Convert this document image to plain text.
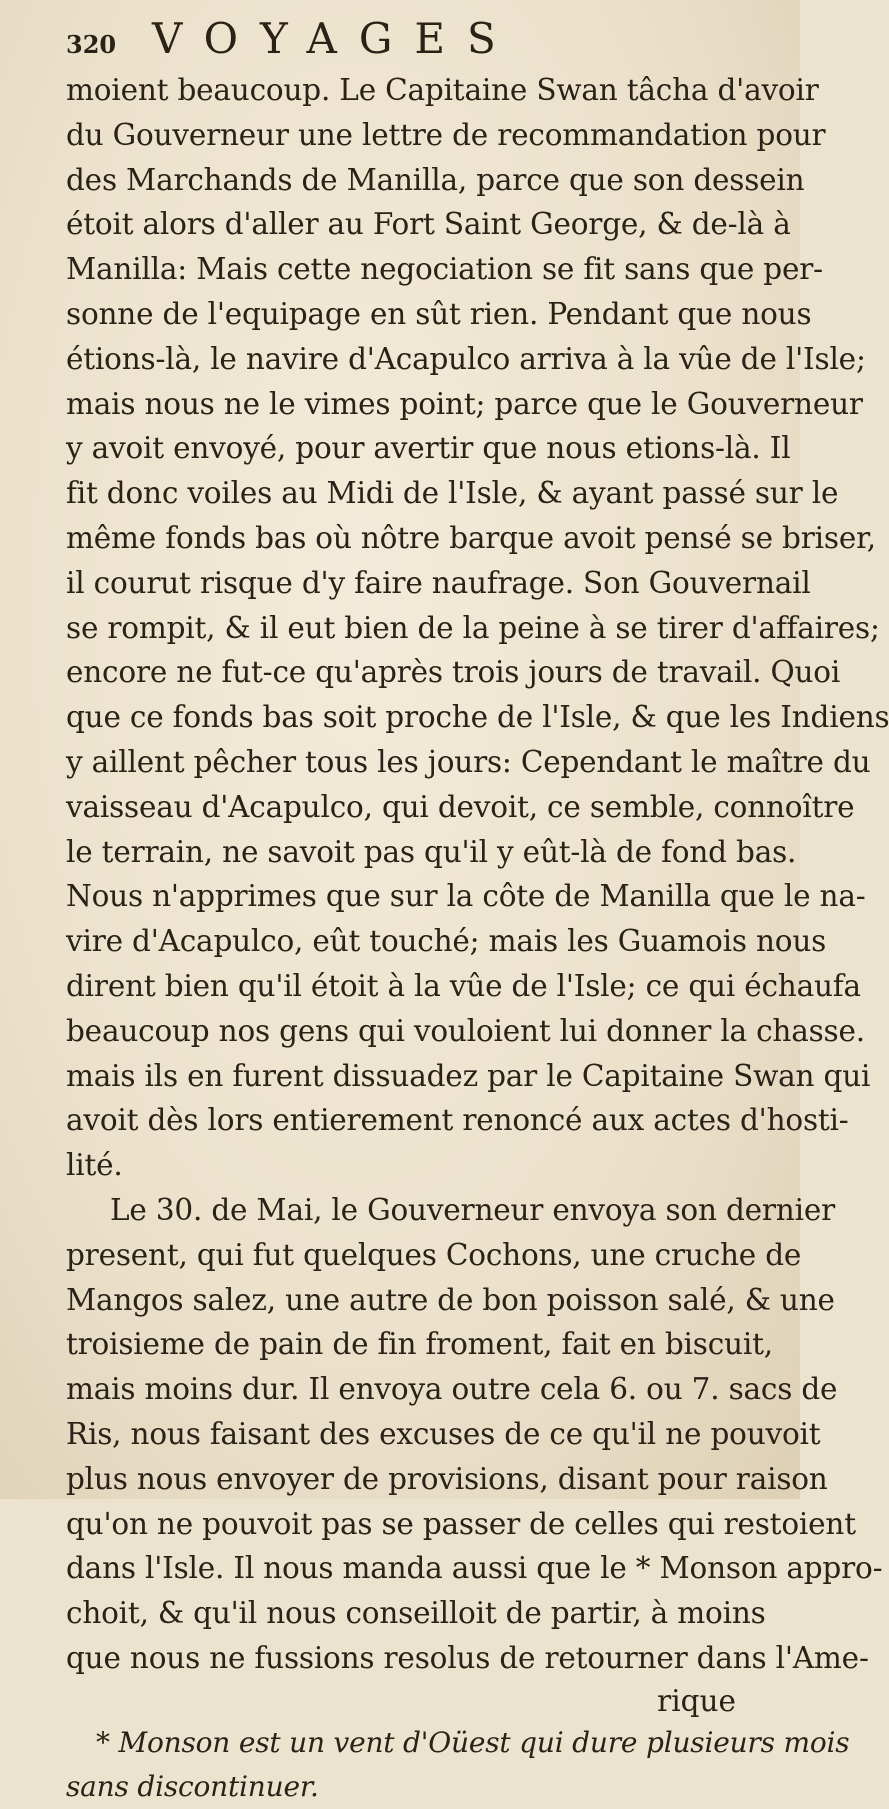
320 VOYAGES
moient beaucoup. Le Capitaine Swan tâcha d'avoir
du Gouverneur une lettre de recommandation pour
des Marchands de Manilla, parce que son dessein
étoit alors d'aller au Fort Saint George, & de-là à
Manilla: Mais cette negociation se fit sans que per-
sonne de l'equipage en sût rien. Pendant que nous
étions-là, le navire d'Acapulco arriva à la vûe de l'Isle;
mais nous ne le vimes point; parce que le Gouverneur
y avoit envoyé, pour avertir que nous etions-là. Il
fit donc voiles au Midi de l'Isle, & ayant passé sur le
même fonds bas où nôtre barque avoit pensé se briser,
il courut risque d'y faire naufrage. Son Gouvernail
se rompit, & il eut bien de la peine à se tirer d'affaires;
encore ne fut-ce qu'après trois jours de travail. Quoi
que ce fonds bas soit proche de l'Isle, & que les Indiens
y aillent pêcher tous les jours: Cependant le maître du
vaisseau d'Acapulco, qui devoit, ce semble, connoître
le terrain, ne savoit pas qu'il y eût-là de fond bas.
Nous n'apprimes que sur la côte de Manilla que le na-
vire d'Acapulco, eût touché; mais les Guamois nous
dirent bien qu'il étoit à la vûe de l'Isle; ce qui échaufa
beaucoup nos gens qui vouloient lui donner la chasse.
mais ils en furent dissuadez par le Capitaine Swan qui
avoit dès lors entierement renoncé aux actes d'hosti-
lité.
Le 30. de Mai, le Gouverneur envoya son dernier
present, qui fut quelques Cochons, une cruche de
Mangos salez, une autre de bon poisson salé, & une
troisieme de pain de fin froment, fait en biscuit,
mais moins dur. Il envoya outre cela 6. ou 7. sacs de
Ris, nous faisant des excuses de ce qu'il ne pouvoit
plus nous envoyer de provisions, disant pour raison
qu'on ne pouvoit pas se passer de celles qui restoient
dans l'Isle. Il nous manda aussi que le * Monson appro-
choit, & qu'il nous conseilloit de partir, à moins
que nous ne fussions resolus de retourner dans l'Ame-
rique
* Monson est un vent d'Oüest qui dure plusieurs mois
sans discontinuer.
